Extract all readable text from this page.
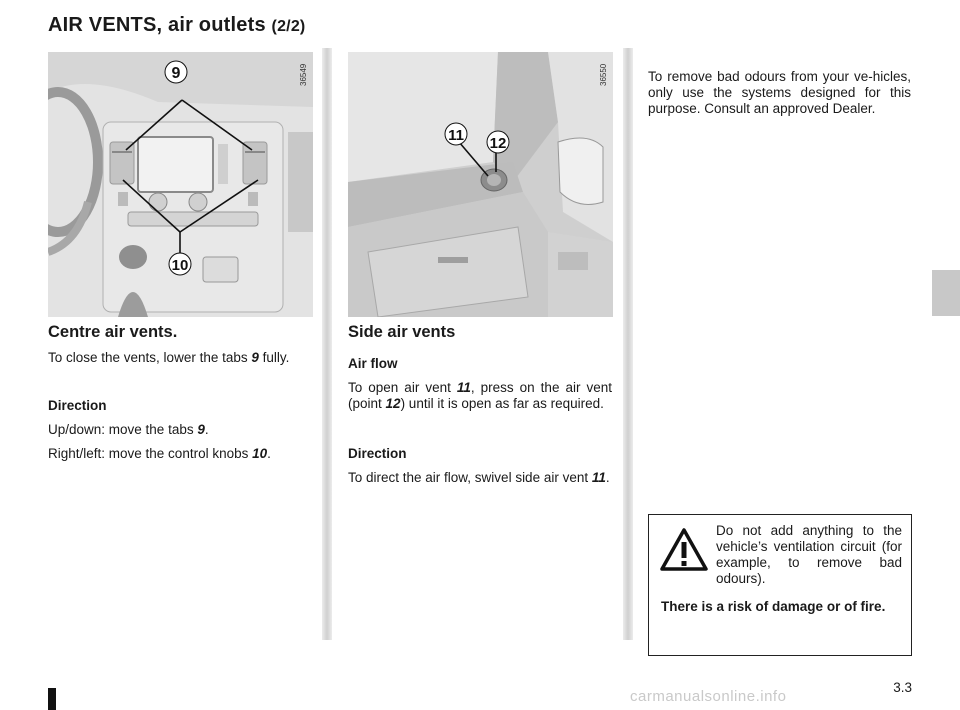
AIR VENTS, air outlets (2/2)
9
10
36549
11 12
36550
Centre air vents.
To close the vents, lower the tabs 9 fully.
Direction
Up/down: move the tabs 9.
Right/left: move the control knobs 10.
Side air vents
Air flow
To open air vent 11, press on the air vent (point 12) until it is open as far as required.
Direction
To direct the air flow, swivel side air vent 11.
To remove bad odours from your ve-hicles, only use the systems designed for this purpose. Consult an approved Dealer.
Do not add anything to the vehicle’s ventilation circuit (for example, to remove bad odours).
There is a risk of damage or of fire.
3.3
carmanualsonline.info
